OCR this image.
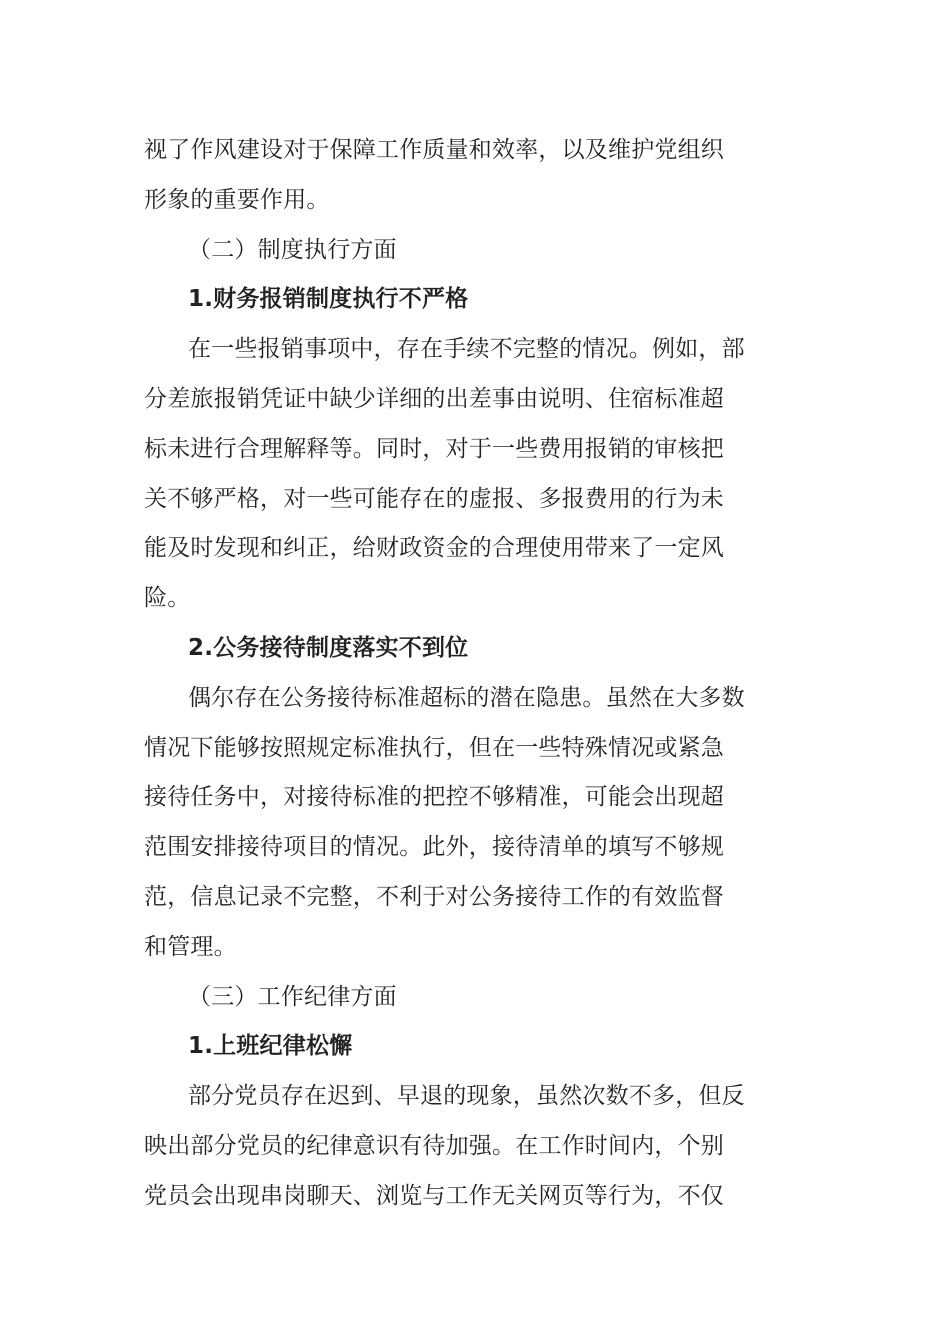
视了作风建设对于保障工作质量和效率，以及维护党组织
形象的重要作用。
（二）制度执行方面
1.财务报销制度执行不严格
在一些报销事项中，存在手续不完整的情况。例如，部
分差旅报销凭证中缺少详细的出差事由说明、住宿标准超
标未进行合理解释等。同时，对于一些费用报销的审核把
关不够严格，对一些可能存在的虚报、多报费用的行为未
能及时发现和纠正，给财政资金的合理使用带来了一定风
险。
2.公务接待制度落实不到位
偶尔存在公务接待标准超标的潜在隐患。虽然在大多数
情况下能够按照规定标准执行，但在一些特殊情况或紧急
接待任务中，对接待标准的把控不够精准，可能会出现超
范围安排接待项目的情况。此外，接待清单的填写不够规
范，信息记录不完整，不利于对公务接待工作的有效监督
和管理。
（三）工作纪律方面
1.上班纪律松懈
部分党员存在迟到、早退的现象，虽然次数不多，但反
映出部分党员的纪律意识有待加强。在工作时间内，个别
党员会出现串岗聊天、浏览与工作无关网页等行为，不仅
